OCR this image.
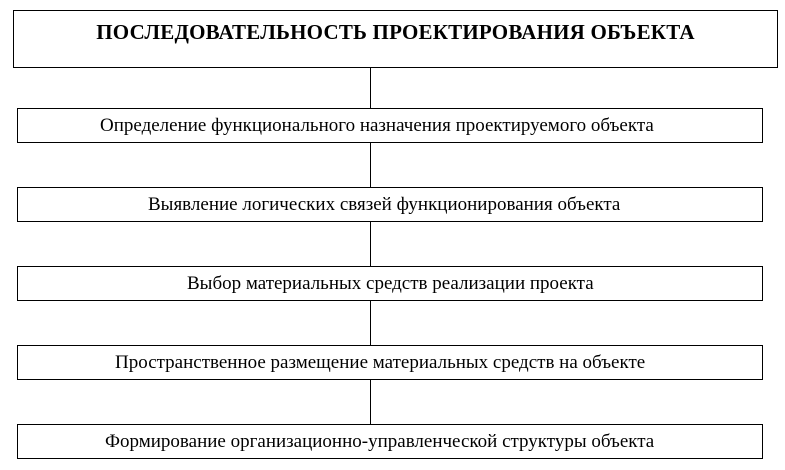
ПОСЛЕДОВАТЕЛЬНОСТЬ ПРОЕКТИРОВАНИЯ ОБЪЕКТА
Определение функционального назначения проектируемого объекта
Выявление логических связей функционирования объекта
Выбор материальных средств реализации проекта
Пространственное размещение материальных средств на объекте
Формирование организационно-управленческой структуры объекта
